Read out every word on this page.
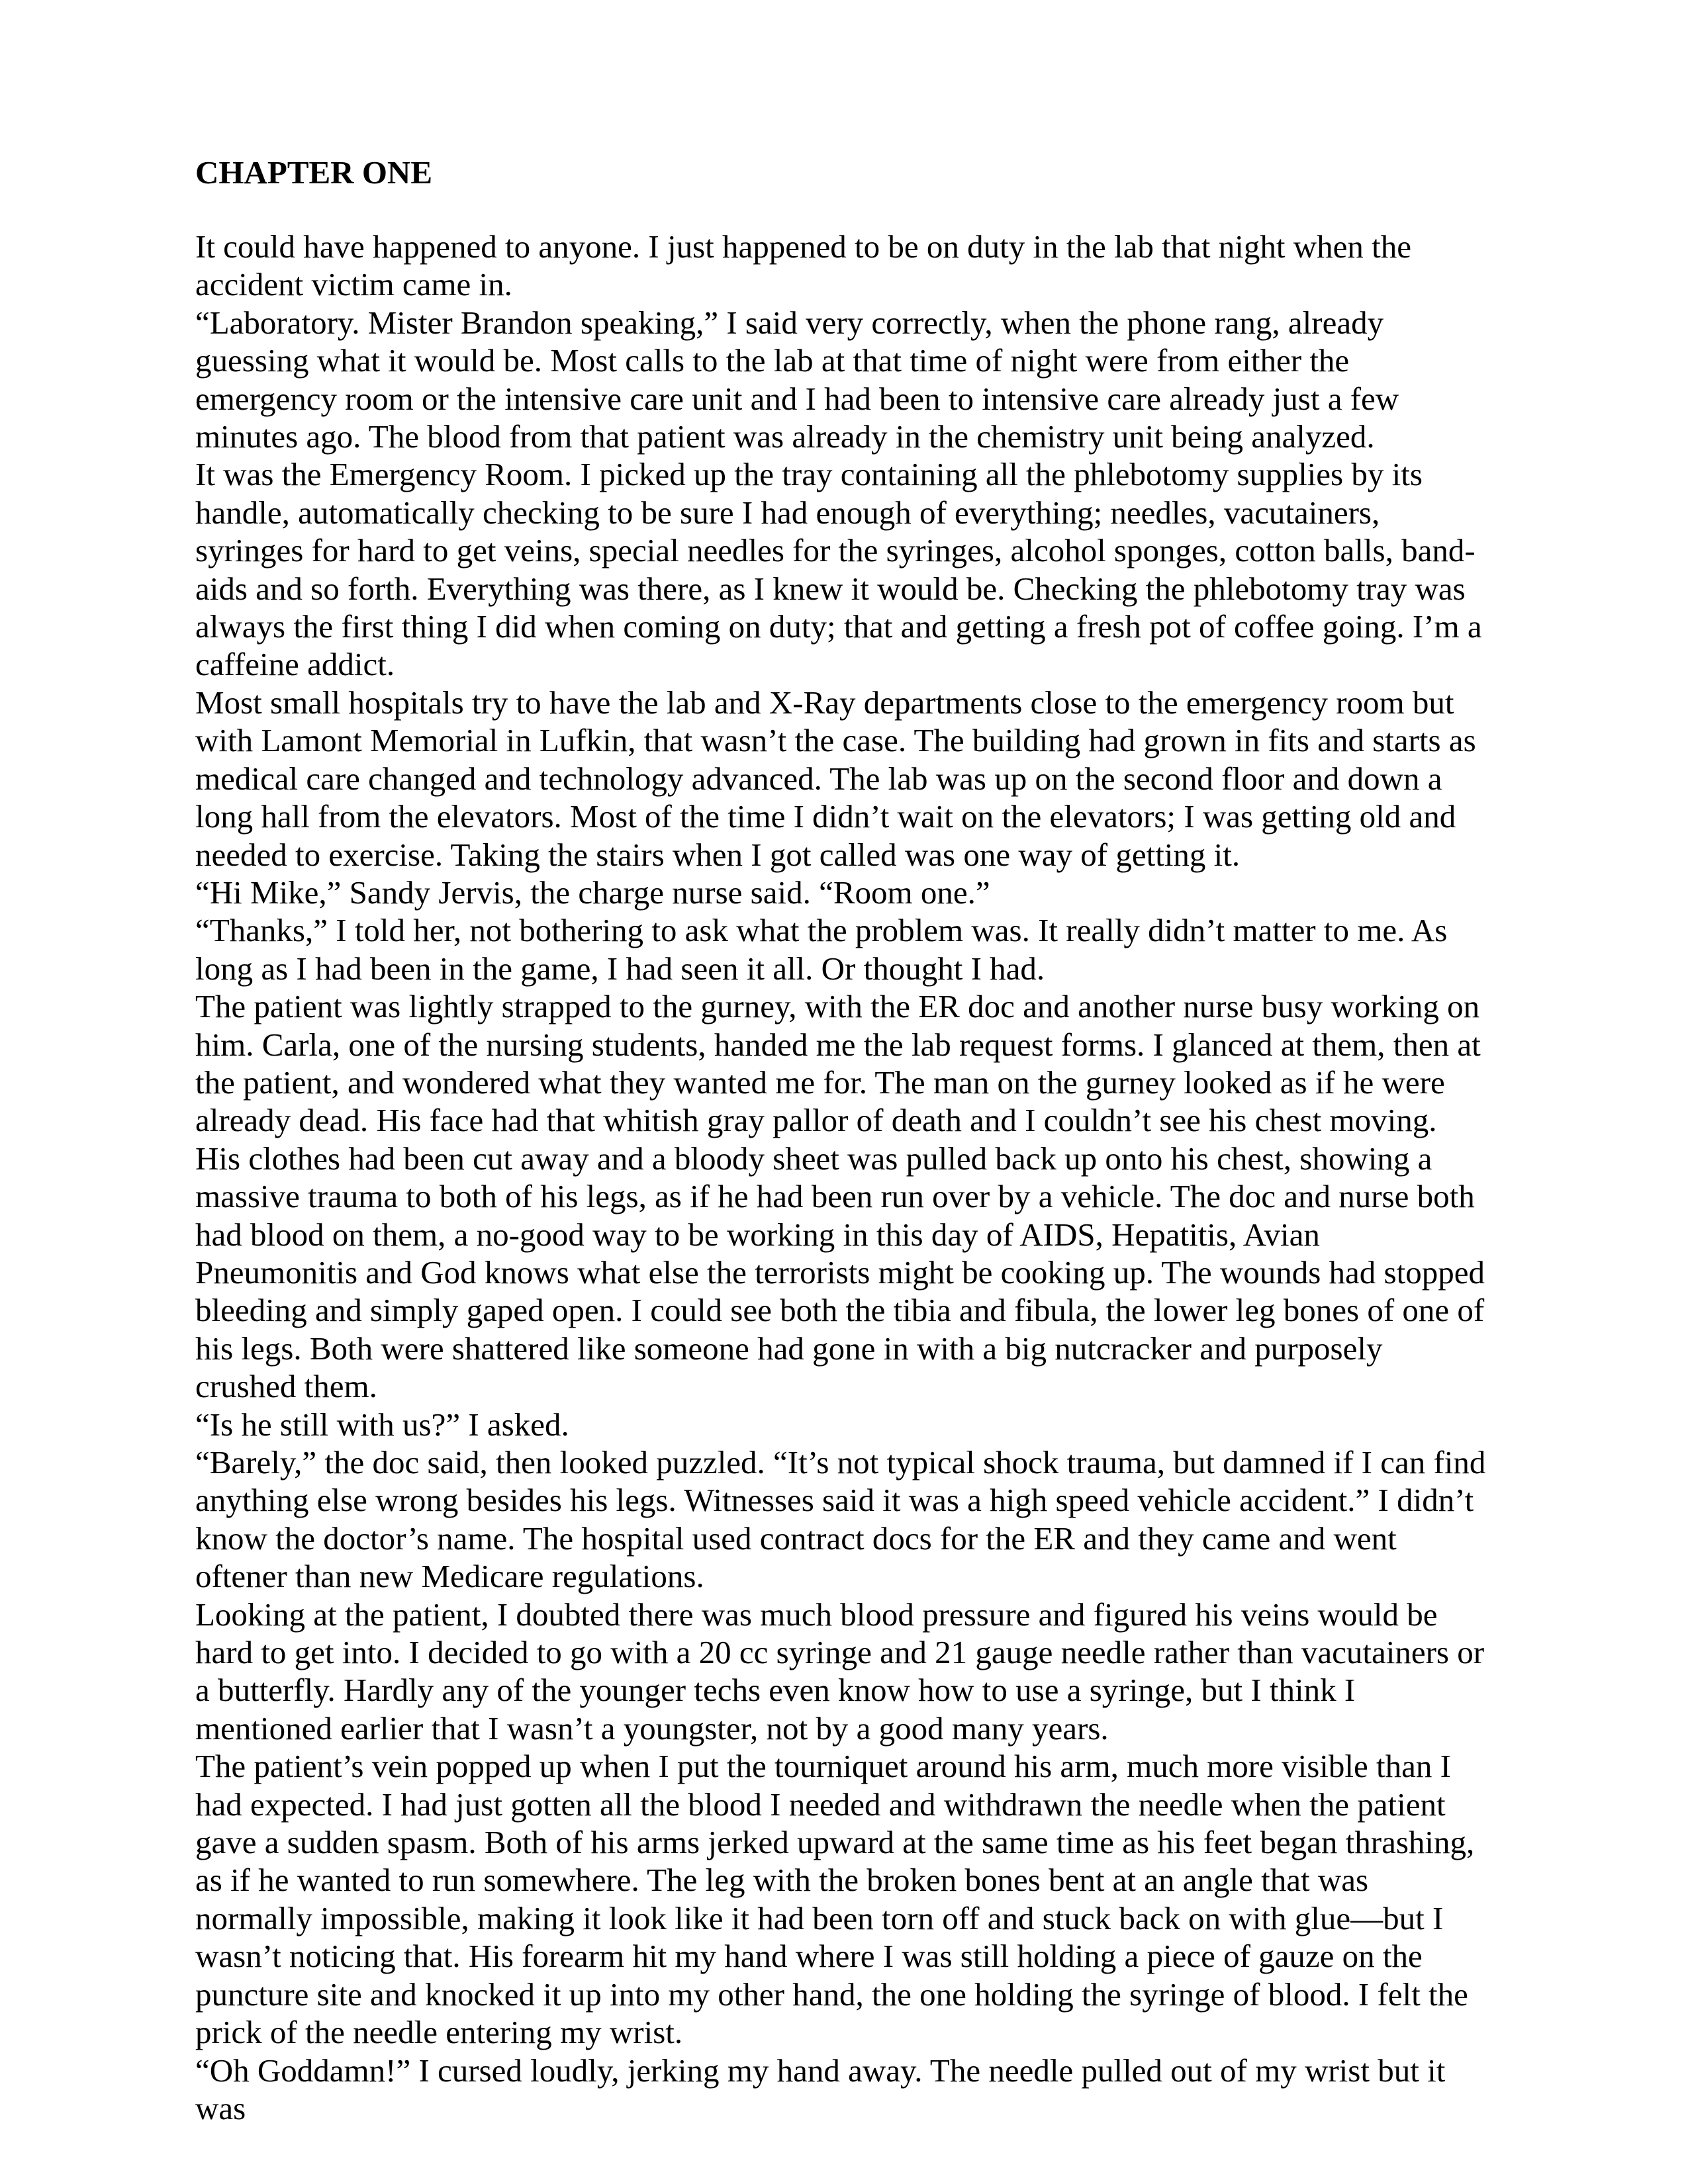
CHAPTER ONE

It could have happened to anyone. I just happened to be on duty in the lab that night when the accident victim came in.

“Laboratory. Mister Brandon speaking,” I said very correctly, when the phone rang, already guessing what it would be. Most calls to the lab at that time of night were from either the emergency room or the intensive care unit and I had been to intensive care already just a few minutes ago. The blood from that patient was already in the chemistry unit being analyzed.

It was the Emergency Room. I picked up the tray containing all the phlebotomy supplies by its handle, automatically checking to be sure I had enough of everything; needles, vacutainers, syringes for hard to get veins, special needles for the syringes, alcohol sponges, cotton balls, band-aids and so forth. Everything was there, as I knew it would be. Checking the phlebotomy tray was always the first thing I did when coming on duty; that and getting a fresh pot of coffee going. I’m a caffeine addict.

Most small hospitals try to have the lab and X-Ray departments close to the emergency room but with Lamont Memorial in Lufkin, that wasn’t the case. The building had grown in fits and starts as medical care changed and technology advanced. The lab was up on the second floor and down a long hall from the elevators. Most of the time I didn’t wait on the elevators; I was getting old and needed to exercise. Taking the stairs when I got called was one way of getting it.

“Hi Mike,” Sandy Jervis, the charge nurse said. “Room one.”

“Thanks,” I told her, not bothering to ask what the problem was. It really didn’t matter to me. As long as I had been in the game, I had seen it all. Or thought I had.

The patient was lightly strapped to the gurney, with the ER doc and another nurse busy working on him. Carla, one of the nursing students, handed me the lab request forms. I glanced at them, then at the patient, and wondered what they wanted me for. The man on the gurney looked as if he were already dead. His face had that whitish gray pallor of death and I couldn’t see his chest moving. His clothes had been cut away and a bloody sheet was pulled back up onto his chest, showing a massive trauma to both of his legs, as if he had been run over by a vehicle. The doc and nurse both had blood on them, a no-good way to be working in this day of AIDS, Hepatitis, Avian Pneumonitis and God knows what else the terrorists might be cooking up. The wounds had stopped bleeding and simply gaped open. I could see both the tibia and fibula, the lower leg bones of one of his legs. Both were shattered like someone had gone in with a big nutcracker and purposely crushed them.

“Is he still with us?” I asked.

“Barely,” the doc said, then looked puzzled. “It’s not typical shock trauma, but damned if I can find anything else wrong besides his legs. Witnesses said it was a high speed vehicle accident.” I didn’t know the doctor’s name. The hospital used contract docs for the ER and they came and went oftener than new Medicare regulations.

Looking at the patient, I doubted there was much blood pressure and figured his veins would be hard to get into. I decided to go with a 20 cc syringe and 21 gauge needle rather than vacutainers or a butterfly. Hardly any of the younger techs even know how to use a syringe, but I think I mentioned earlier that I wasn’t a youngster, not by a good many years.

The patient’s vein popped up when I put the tourniquet around his arm, much more visible than I had expected. I had just gotten all the blood I needed and withdrawn the needle when the patient gave a sudden spasm. Both of his arms jerked upward at the same time as his feet began thrashing, as if he wanted to run somewhere. The leg with the broken bones bent at an angle that was normally impossible, making it look like it had been torn off and stuck back on with glue—but I wasn’t noticing that. His forearm hit my hand where I was still holding a piece of gauze on the puncture site and knocked it up into my other hand, the one holding the syringe of blood. I felt the prick of the needle entering my wrist.

“Oh Goddamn!” I cursed loudly, jerking my hand away. The needle pulled out of my wrist but it was
